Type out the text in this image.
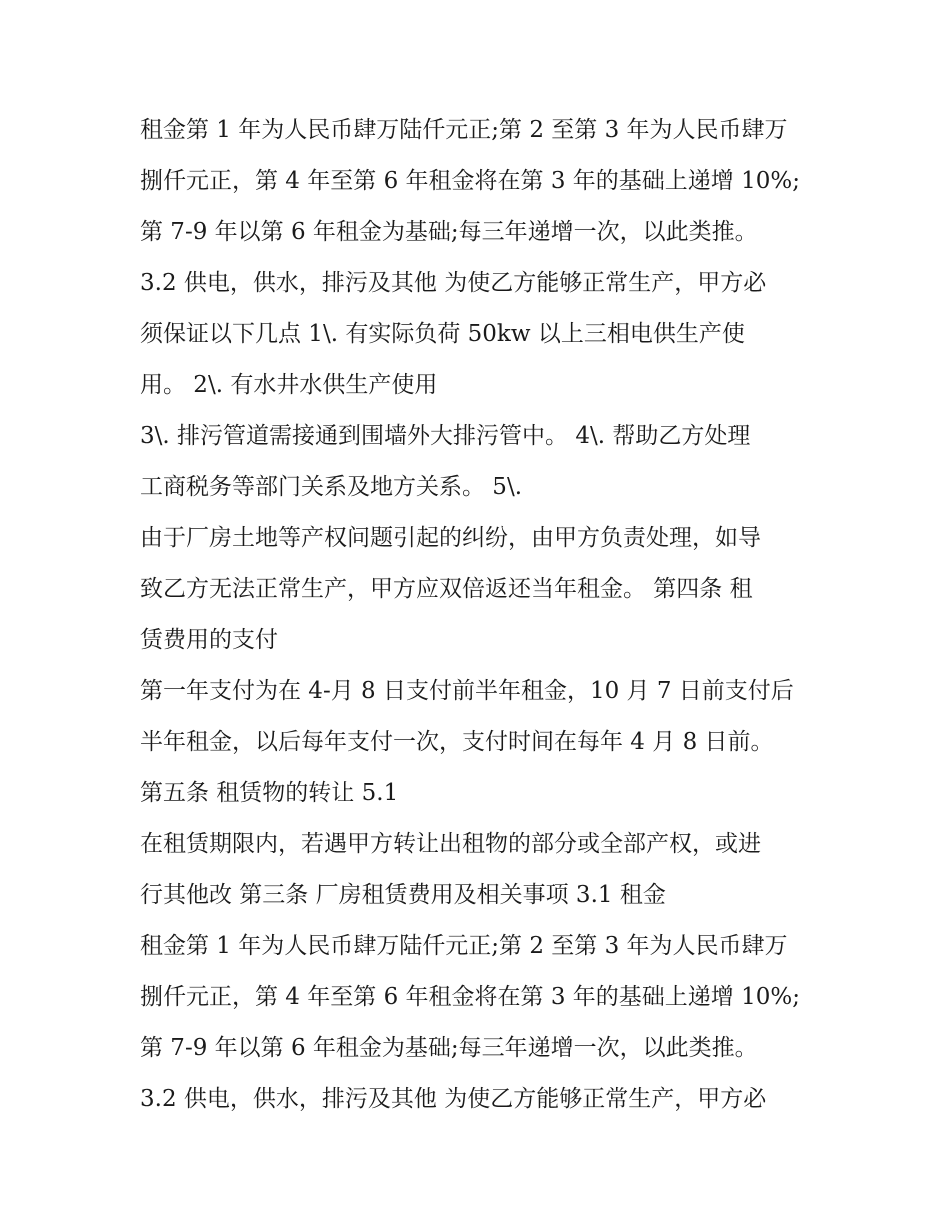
租金第 1 年为人民币肆万陆仟元正;第 2 至第 3 年为人民币肆万
捌仟元正，第 4 年至第 6 年租金将在第 3 年的基础上递增 10%;
第 7-9 年以第 6 年租金为基础;每三年递增一次，以此类推。
3.2 供电，供水，排污及其他 为使乙方能够正常生产，甲方必
须保证以下几点 1\. 有实际负荷 50kw 以上三相电供生产使
用。 2\. 有水井水供生产使用
3\. 排污管道需接通到围墙外大排污管中。 4\. 帮助乙方处理
工商税务等部门关系及地方关系。 5\.
由于厂房土地等产权问题引起的纠纷，由甲方负责处理，如导
致乙方无法正常生产，甲方应双倍返还当年租金。 第四条 租
赁费用的支付
第一年支付为在 4-月 8 日支付前半年租金，10 月 7 日前支付后
半年租金，以后每年支付一次，支付时间在每年 4 月 8 日前。
第五条 租赁物的转让 5.1
在租赁期限内，若遇甲方转让出租物的部分或全部产权，或进
行其他改 第三条 厂房租赁费用及相关事项 3.1 租金
租金第 1 年为人民币肆万陆仟元正;第 2 至第 3 年为人民币肆万
捌仟元正，第 4 年至第 6 年租金将在第 3 年的基础上递增 10%;
第 7-9 年以第 6 年租金为基础;每三年递增一次，以此类推。
3.2 供电，供水，排污及其他 为使乙方能够正常生产，甲方必
